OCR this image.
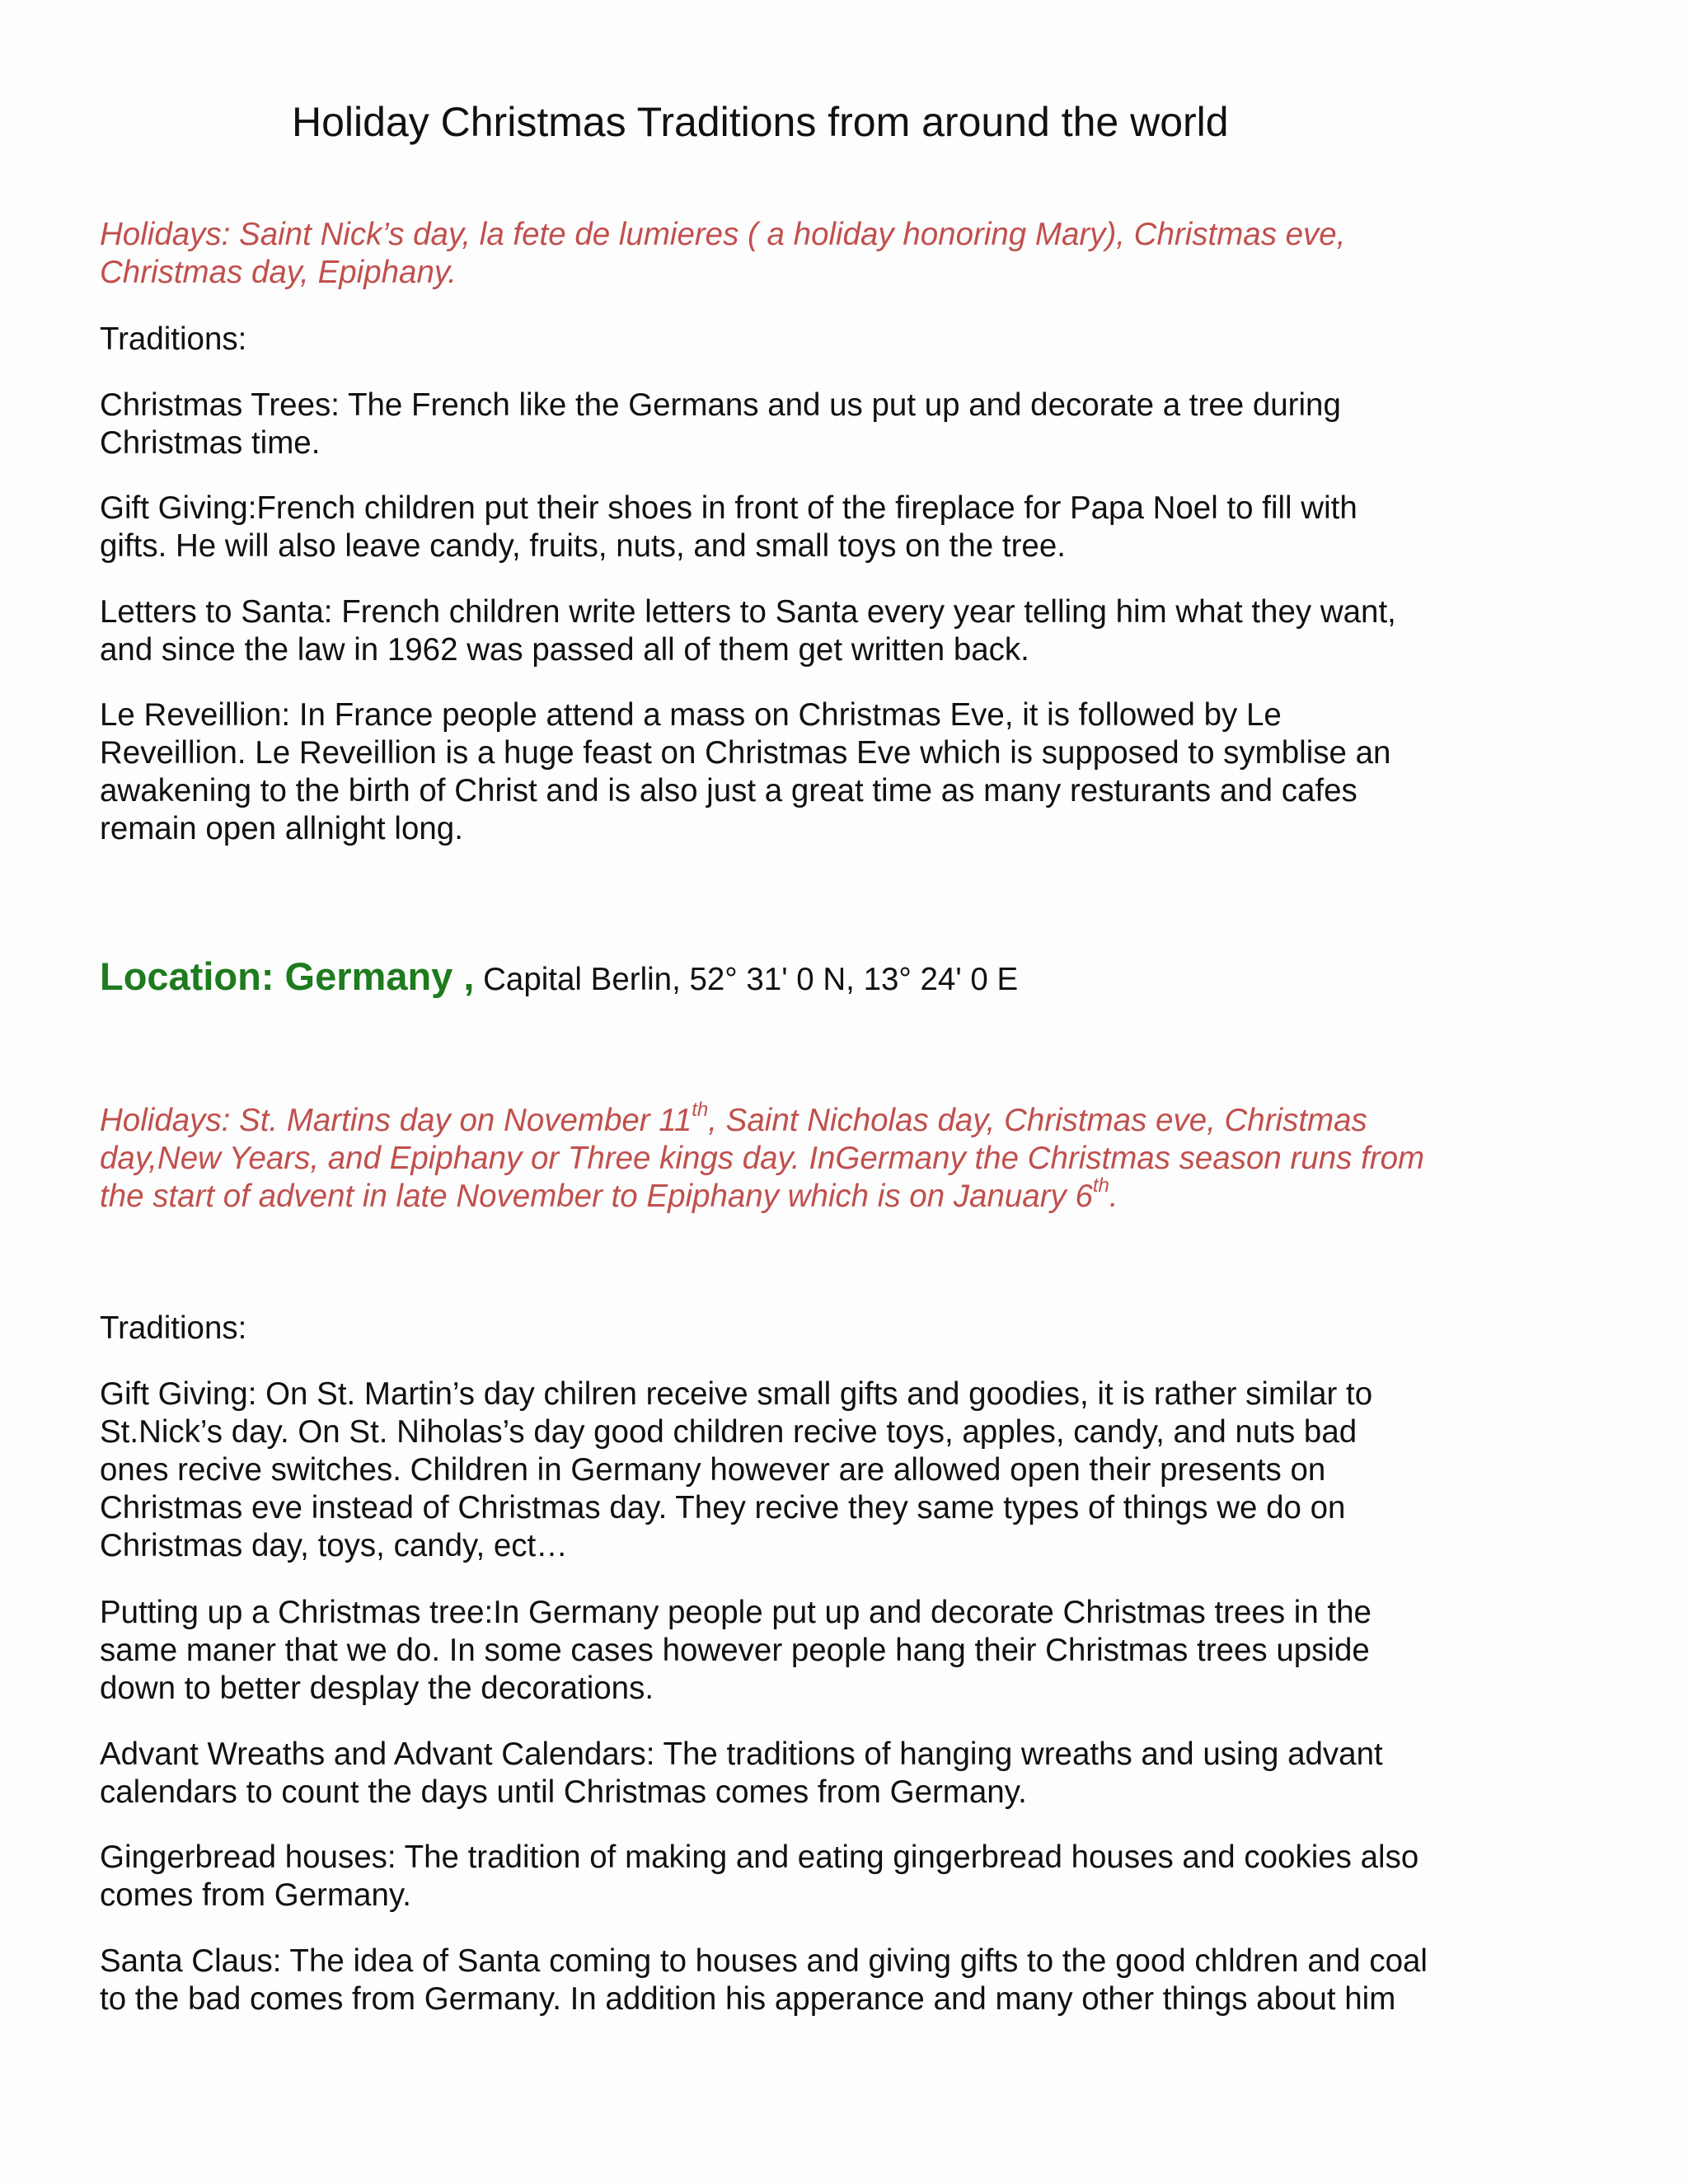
Holiday Christmas Traditions from around the world
Holidays: Saint Nick’s day, la fete de lumieres ( a holiday honoring Mary), Christmas eve,
Christmas day, Epiphany.
Traditions:
Christmas Trees: The French like the Germans and us put up and decorate a tree during
Christmas time.
Gift Giving:French children put their shoes in front of the fireplace for Papa Noel to fill with
gifts. He will also leave candy, fruits, nuts, and small toys on the tree.
Letters to Santa: French children write letters to Santa every year telling him what they want,
and since the law in 1962 was passed all of them get written back.
Le Reveillion: In France people attend a mass on Christmas Eve, it is followed by Le
Reveillion. Le Reveillion is a huge feast on Christmas Eve which is supposed to symblise an
awakening to the birth of Christ and is also just a great time as many resturants and cafes
remain open allnight long.
Location: Germany , Capital Berlin, 52° 31' 0 N, 13° 24' 0 E
Holidays: St. Martins day on November 11th, Saint Nicholas day, Christmas eve, Christmas
day,New Years, and Epiphany or Three kings day. InGermany the Christmas season runs from
the start of advent in late November to Epiphany which is on January 6th.
Traditions:
Gift Giving: On St. Martin’s day chilren receive small gifts and goodies, it is rather similar to
St.Nick’s day. On St. Niholas’s day good children recive toys, apples, candy, and nuts bad
ones recive switches. Children in Germany however are allowed open their presents on
Christmas eve instead of Christmas day. They recive they same types of things we do on
Christmas day, toys, candy, ect…
Putting up a Christmas tree:In Germany people put up and decorate Christmas trees in the
same maner that we do. In some cases however people hang their Christmas trees upside
down to better desplay the decorations.
Advant Wreaths and Advant Calendars: The traditions of hanging wreaths and using advant
calendars to count the days until Christmas comes from Germany.
Gingerbread houses: The tradition of making and eating gingerbread houses and cookies also
comes from Germany.
Santa Claus: The idea of Santa coming to houses and giving gifts to the good chldren and coal
to the bad comes from Germany. In addition his apperance and many other things about him
